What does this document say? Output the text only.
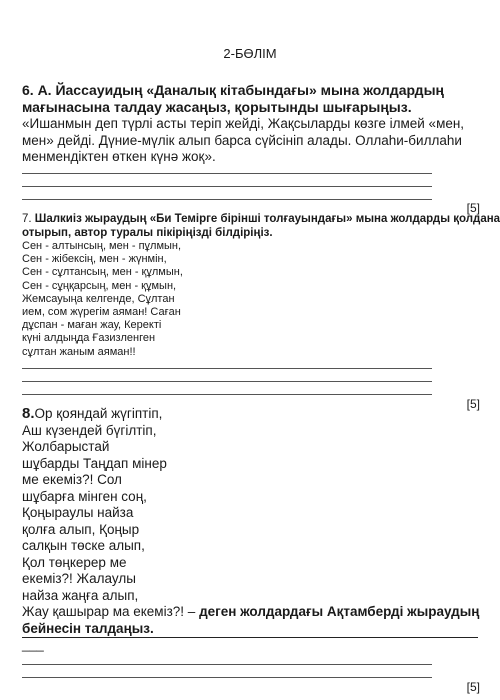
2-БӨЛІМ
6. А. Йассауидың «Даналық кітабындағы» мына жолдардың
мағынасына талдау жасаңыз, қорытынды шығарыңыз.
«Ишанмын деп түрлі асты теріп жейді, Жақсыларды көзге ілмей «мен,
мен» дейді. Дүние-мүлік алып барса сүйсініп алады. Оллаһи-биллаһи
менмендіктен өткен күнә жоқ».
[5]
7. Шалкиіз жыраудың «Би Темірге бірінші толғауындағы» мына жолдарды қолдана
отырып, автор туралы пікіріңізді білдіріңіз.
Сен - алтынсың, мен - пұлмын,
Сен - жібексің, мен - жүнмін,
Сен - сұлтансың, мен - құлмын,
Сен - сұңқарсың, мен - құмын,
Жемсауыңа келгенде, Сұлтан
ием, сом жүрегім аяман! Саған
дұспан - маған жау, Керекті
күні алдыңда Ғазизленген
сұлтан жаным аяман!!
[5]
8.Ор қояндай жүгіптіп,
Аш күзендей бүгілтіп,
Жолбарыстай
шұбарды Таңдап мінер
ме екеміз?! Сол
шұбарға мінген соң,
Қоңыраулы найза
қолға алып, Қоңыр
салқын төске алып,
Қол төңкерер ме
екеміз?! Жалаулы
найза жаңға алып,
Жау қашырар ма екеміз?! – деген жолдардағы Ақтамберді жыраудың
бейнесін талдаңыз.
___
[5]
